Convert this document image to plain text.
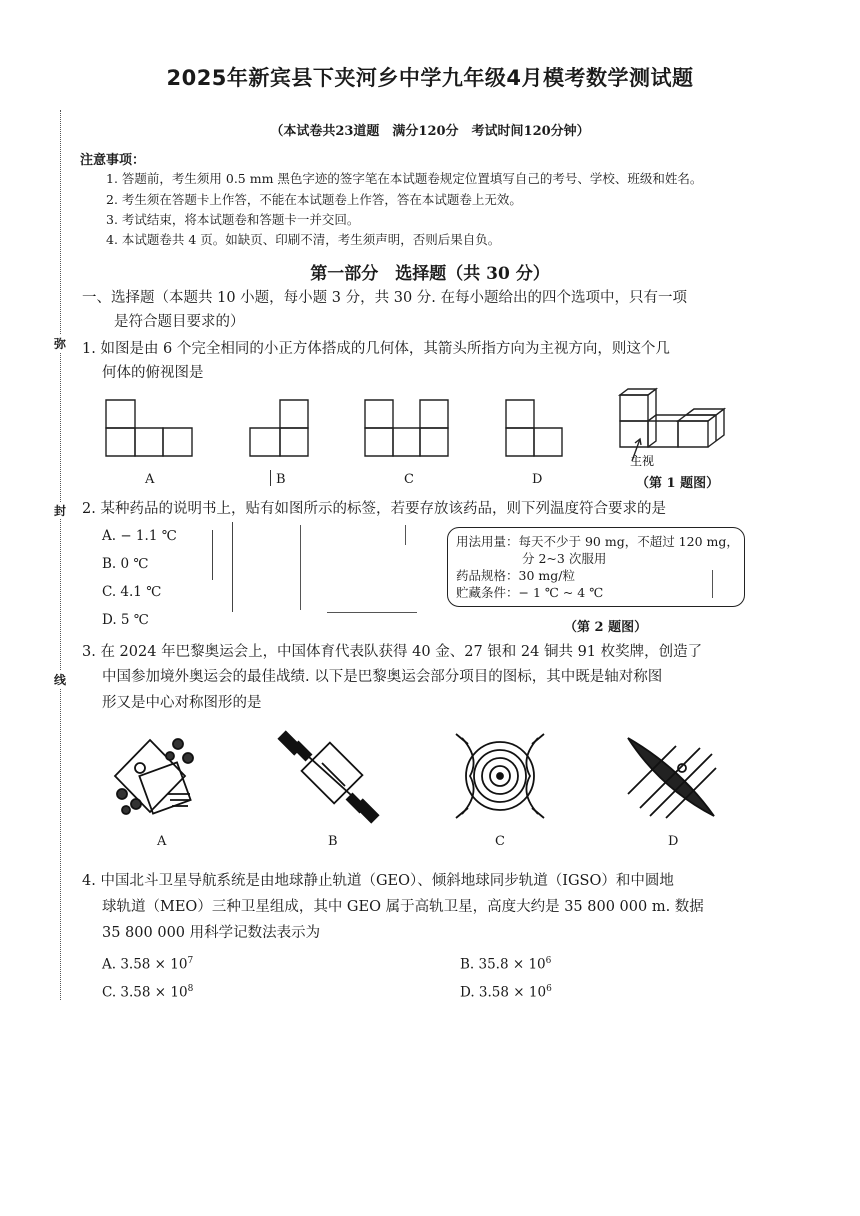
2025年新宾县下夹河乡中学九年级4月模考数学测试题
（本试卷共23道题　满分120分　考试时间120分钟）
弥
封
线
注意事项：
1. 答题前，考生须用 0.5 mm 黑色字迹的签字笔在本试题卷规定位置填写自己的考号、学校、班级和姓名。
2. 考生须在答题卡上作答，不能在本试题卷上作答，答在本试题卷上无效。
3. 考试结束，将本试题卷和答题卡一并交回。
4. 本试题卷共 4 页。如缺页、印刷不清，考生须声明，否则后果自负。
第一部分　选择题（共 30 分）
一、选择题（本题共 10 小题，每小题 3 分，共 30 分. 在每小题给出的四个选项中，只有一项
是符合题目要求的）
1. 如图是由 6 个完全相同的小正方体搭成的几何体，其箭头所指方向为主视方向，则这个几
何体的俯视图是
主视
A	B	C	D	（第 1 题图）
2. 某种药品的说明书上，贴有如图所示的标签，若要存放该药品，则下列温度符合要求的是
A. − 1.1 ℃
B. 0 ℃
C. 4.1 ℃
D. 5 ℃
用法用量：每天不少于 90 mg，不超过 120 mg，
分 2~3 次服用
药品规格：30 mg/粒
贮藏条件：− 1 ℃ ~ 4 ℃
（第 2 题图）
3. 在 2024 年巴黎奥运会上，中国体育代表队获得 40 金、27 银和 24 铜共 91 枚奖牌，创造了
中国参加境外奥运会的最佳战绩. 以下是巴黎奥运会部分项目的图标，其中既是轴对称图
形又是中心对称图形的是
A	B	C	D
4. 中国北斗卫星导航系统是由地球静止轨道（GEO）、倾斜地球同步轨道（IGSO）和中圆地
球轨道（MEO）三种卫星组成，其中 GEO 属于高轨卫星，高度大约是 35 800 000 m. 数据
35 800 000 用科学记数法表示为
A. $3.58 \times 10^7$	B. $35.8 \times 10^6$
C. $3.58 \times 10^8$	D. $3.58 \times 10^6$
